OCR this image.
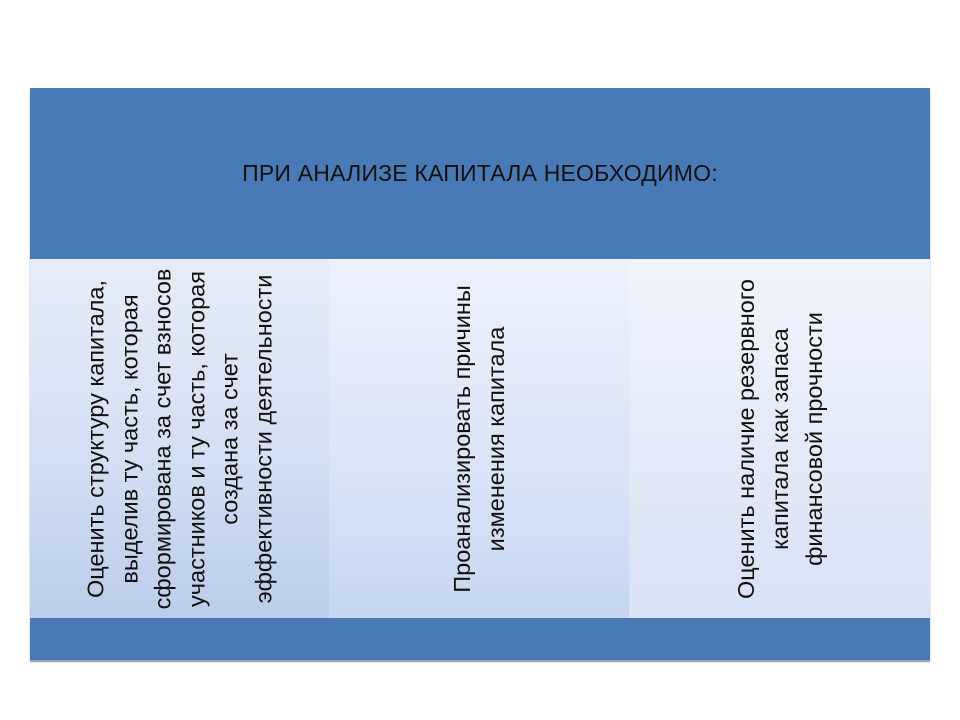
ПРИ АНАЛИЗЕ КАПИТАЛА НЕОБХОДИМО:
Оценить структуру капитала, выделив ту часть, которая сформирована за счет взносов участников и ту часть, которая создана за счет эффективности деятельности	Проанализировать причины изменения капитала	Оценить наличие резервного капитала как запаса финансовой прочности
